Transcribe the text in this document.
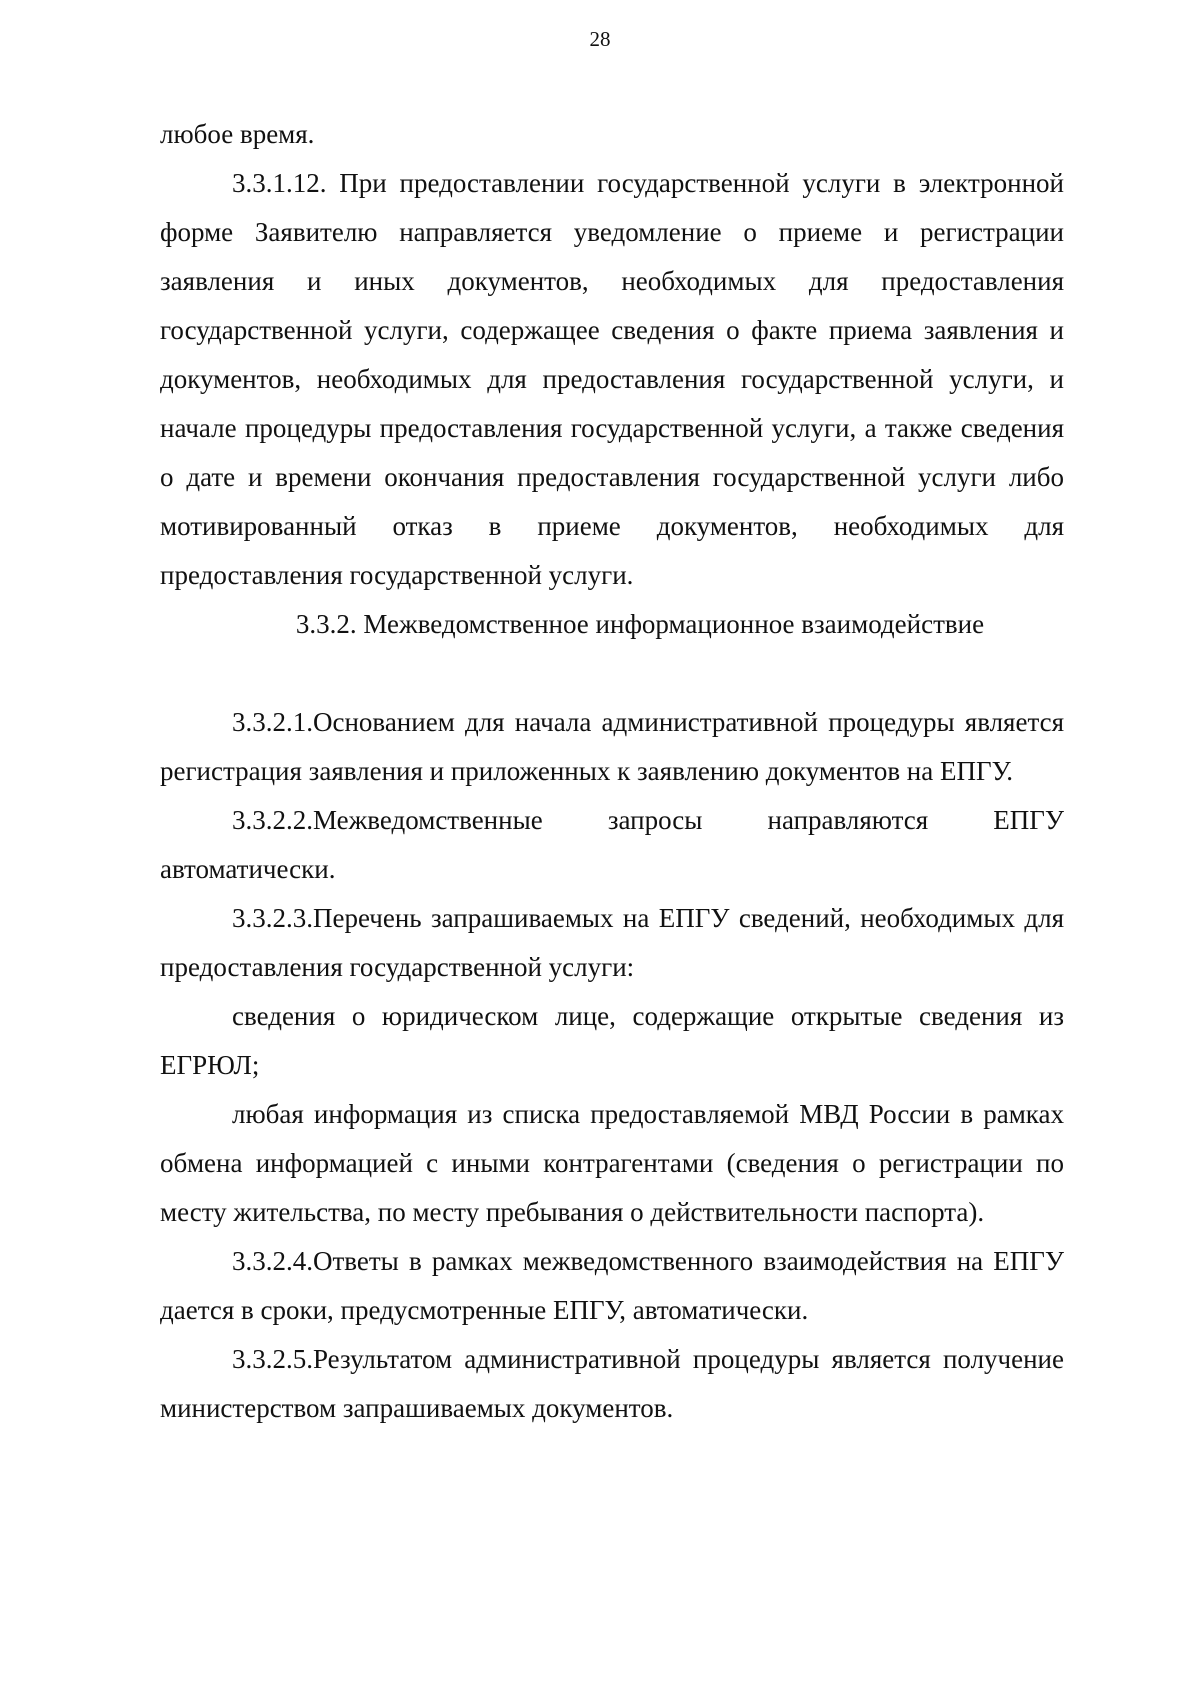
28

любое время.

3.3.1.12. При предоставлении государственной услуги в электронной форме Заявителю направляется уведомление о приеме и регистрации заявления и иных документов, необходимых для предоставления государственной услуги, содержащее сведения о факте приема заявления и документов, необходимых для предоставления государственной услуги, и начале процедуры предоставления государственной услуги, а также сведения о дате и времени окончания предоставления государственной услуги либо мотивированный отказ в приеме документов, необходимых для предоставления государственной услуги.

3.3.2. Межведомственное информационное взаимодействие

3.3.2.1.Основанием для начала административной процедуры является регистрация заявления и приложенных к заявлению документов на ЕПГУ.

3.3.2.2.Межведомственные запросы направляются ЕПГУ автоматически.

3.3.2.3.Перечень запрашиваемых на ЕПГУ сведений, необходимых для предоставления государственной услуги:

сведения о юридическом лице, содержащие открытые сведения из ЕГРЮЛ;

любая информация из списка предоставляемой МВД России в рамках обмена информацией с иными контрагентами (сведения о регистрации по месту жительства, по месту пребывания о действительности паспорта).

3.3.2.4.Ответы в рамках межведомственного взаимодействия на ЕПГУ дается в сроки, предусмотренные ЕПГУ, автоматически.

3.3.2.5.Результатом административной процедуры является получение министерством запрашиваемых документов.
